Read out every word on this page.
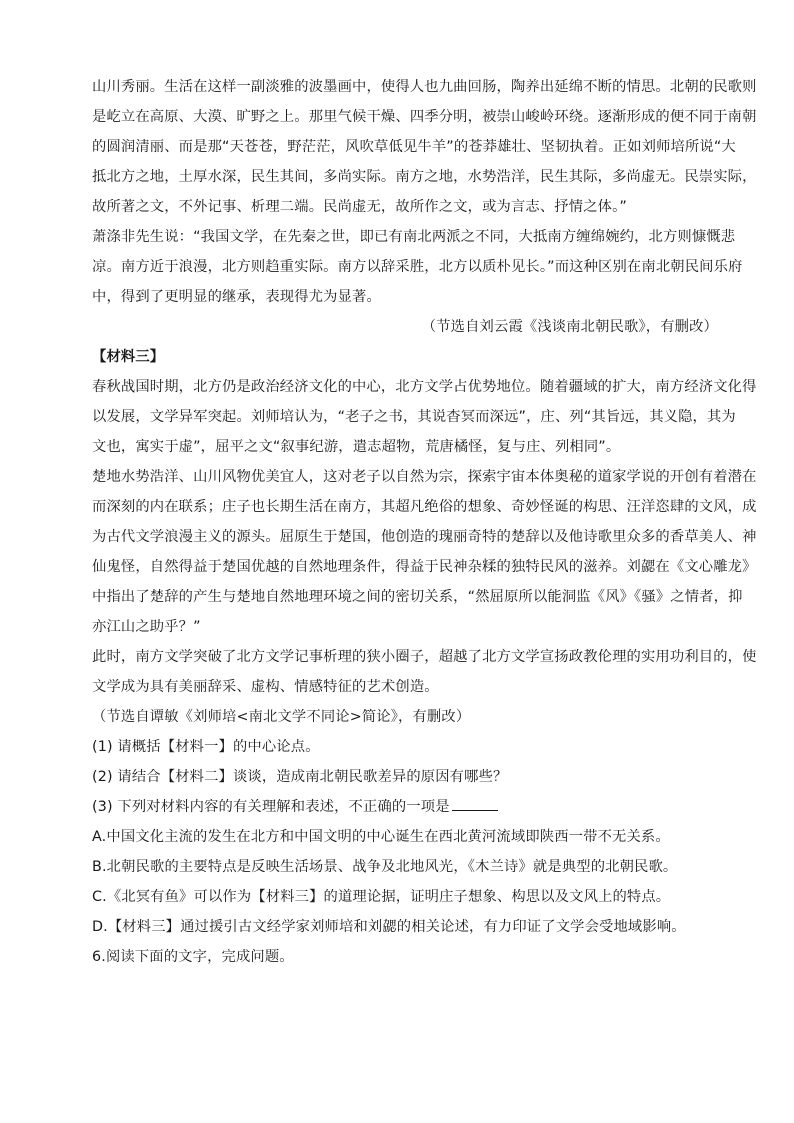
山川秀丽。生活在这样一副淡雅的波墨画中，使得人也九曲回肠，陶养出延绵不断的情思。北朝的民歌则
是屹立在高原、大漠、旷野之上。那里气候干燥、四季分明，被崇山峻岭环绕。逐渐形成的便不同于南朝
的圆润清丽、而是那“天苍苍，野茫茫，风吹草低见牛羊”的苍莽雄壮、坚韧执着。正如刘师培所说“大
抵北方之地，土厚水深，民生其间，多尚实际。南方之地，水势浩洋，民生其际，多尚虚无。民崇实际，
故所著之文，不外记事、析理二端。民尚虚无，故所作之文，或为言志、抒情之体。”
萧涤非先生说：“我国文学，在先秦之世，即已有南北两派之不同，大抵南方缠绵婉约，北方则慷慨悲
凉。南方近于浪漫，北方则趋重实际。南方以辞采胜，北方以质朴见长。”而这种区别在南北朝民间乐府
中，得到了更明显的继承，表现得尤为显著。
（节选自刘云霞《浅谈南北朝民歌》，有删改）
【材料三】
春秋战国时期，北方仍是政治经济文化的中心，北方文学占优势地位。随着疆域的扩大，南方经济文化得
以发展，文学异军突起。刘师培认为，“老子之书，其说杳冥而深远”，庄、列“其旨远，其义隐，其为
文也，寓实于虚”，屈平之文“叙事纪游，遣志超物，荒唐橘怪，复与庄、列相同”。
楚地水势浩洋、山川风物优美宜人，这对老子以自然为宗，探索宇宙本体奥秘的道家学说的开创有着潜在
而深刻的内在联系；庄子也长期生活在南方，其超凡绝俗的想象、奇妙怪诞的构思、汪洋恣肆的文风，成
为古代文学浪漫主义的源头。屈原生于楚国，他创造的瑰丽奇特的楚辞以及他诗歌里众多的香草美人、神
仙鬼怪，自然得益于楚国优越的自然地理条件，得益于民神杂糅的独特民风的滋养。刘勰在《文心雕龙》
中指出了楚辞的产生与楚地自然地理环境之间的密切关系，“然屈原所以能洞监《风》《骚》之情者，抑
亦江山之助乎？”
此时，南方文学突破了北方文学记事析理的狭小圈子，超越了北方文学宣扬政教伦理的实用功利目的，使
文学成为具有美丽辞采、虚构、情感特征的艺术创造。
（节选自谭敏《刘师培<南北文学不同论>简论》，有删改）
(1) 请概括【材料一】的中心论点。
(2) 请结合【材料二】谈谈，造成南北朝民歌差异的原因有哪些？
(3) 下列对材料内容的有关理解和表述，不正确的一项是
A.中国文化主流的发生在北方和中国文明的中心诞生在西北黄河流域即陕西一带不无关系。
B.北朝民歌的主要特点是反映生活场景、战争及北地风光，《木兰诗》就是典型的北朝民歌。
C.《北冥有鱼》可以作为【材料三】的道理论据，证明庄子想象、构思以及文风上的特点。
D.【材料三】通过援引古文经学家刘师培和刘勰的相关论述，有力印证了文学会受地域影响。
6.阅读下面的文字，完成问题。
